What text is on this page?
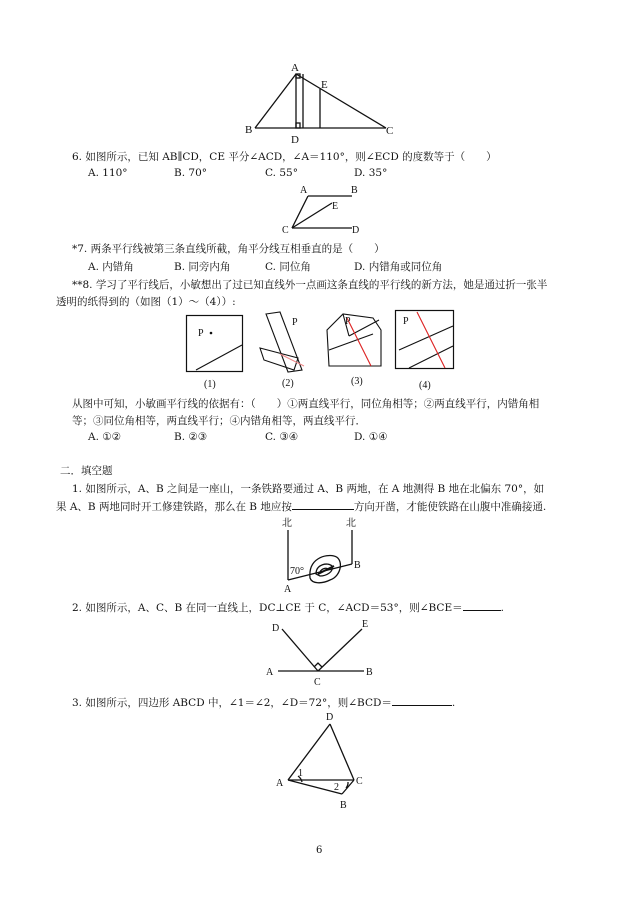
A
E
B	C
D
6. 如图所示，已知 AB∥CD，CE 平分∠ACD，∠A＝110°，则∠ECD 的度数等于（　　）
A. 110°	B. 70°	C. 55°	D. 35°
A	B
E
C	D
*7. 两条平行线被第三条直线所截，角平分线互相垂直的是（　　）
A. 内错角	B. 同旁内角	C. 同位角	D. 内错角或同位角
**8. 学习了平行线后，小敏想出了过已知直线外一点画这条直线的平行线的新方法，她是通过折一张半
透明的纸得到的（如图（1）～（4））:
P
(1)
P
(2)
P
(3)
P
(4)
从图中可知，小敏画平行线的依据有：（　　）①两直线平行，同位角相等；②两直线平行，内错角相
等；③同位角相等，两直线平行；④内错角相等，两直线平行．
A. ①②	B. ②③	C. ③④	D. ①④
二．填空题
1. 如图所示，A、B 之间是一座山，一条铁路要通过 A、B 两地，在 A 地测得 B 地在北偏东 70°，如
果 A、B 两地同时开工修建铁路，那么在 B 地应按	方向开凿，才能使铁路在山腹中准确接通.
北	北
70°
A
B
2. 如图所示，A、C、B 在同一直线上，DC⊥CE 于 C，∠ACD＝53°，则∠BCE＝	.
D	E
A
C
B
3. 如图所示，四边形 ABCD 中，∠1＝∠2，∠D＝72°，则∠BCD＝	.
D
A	C
B
1
2
6
